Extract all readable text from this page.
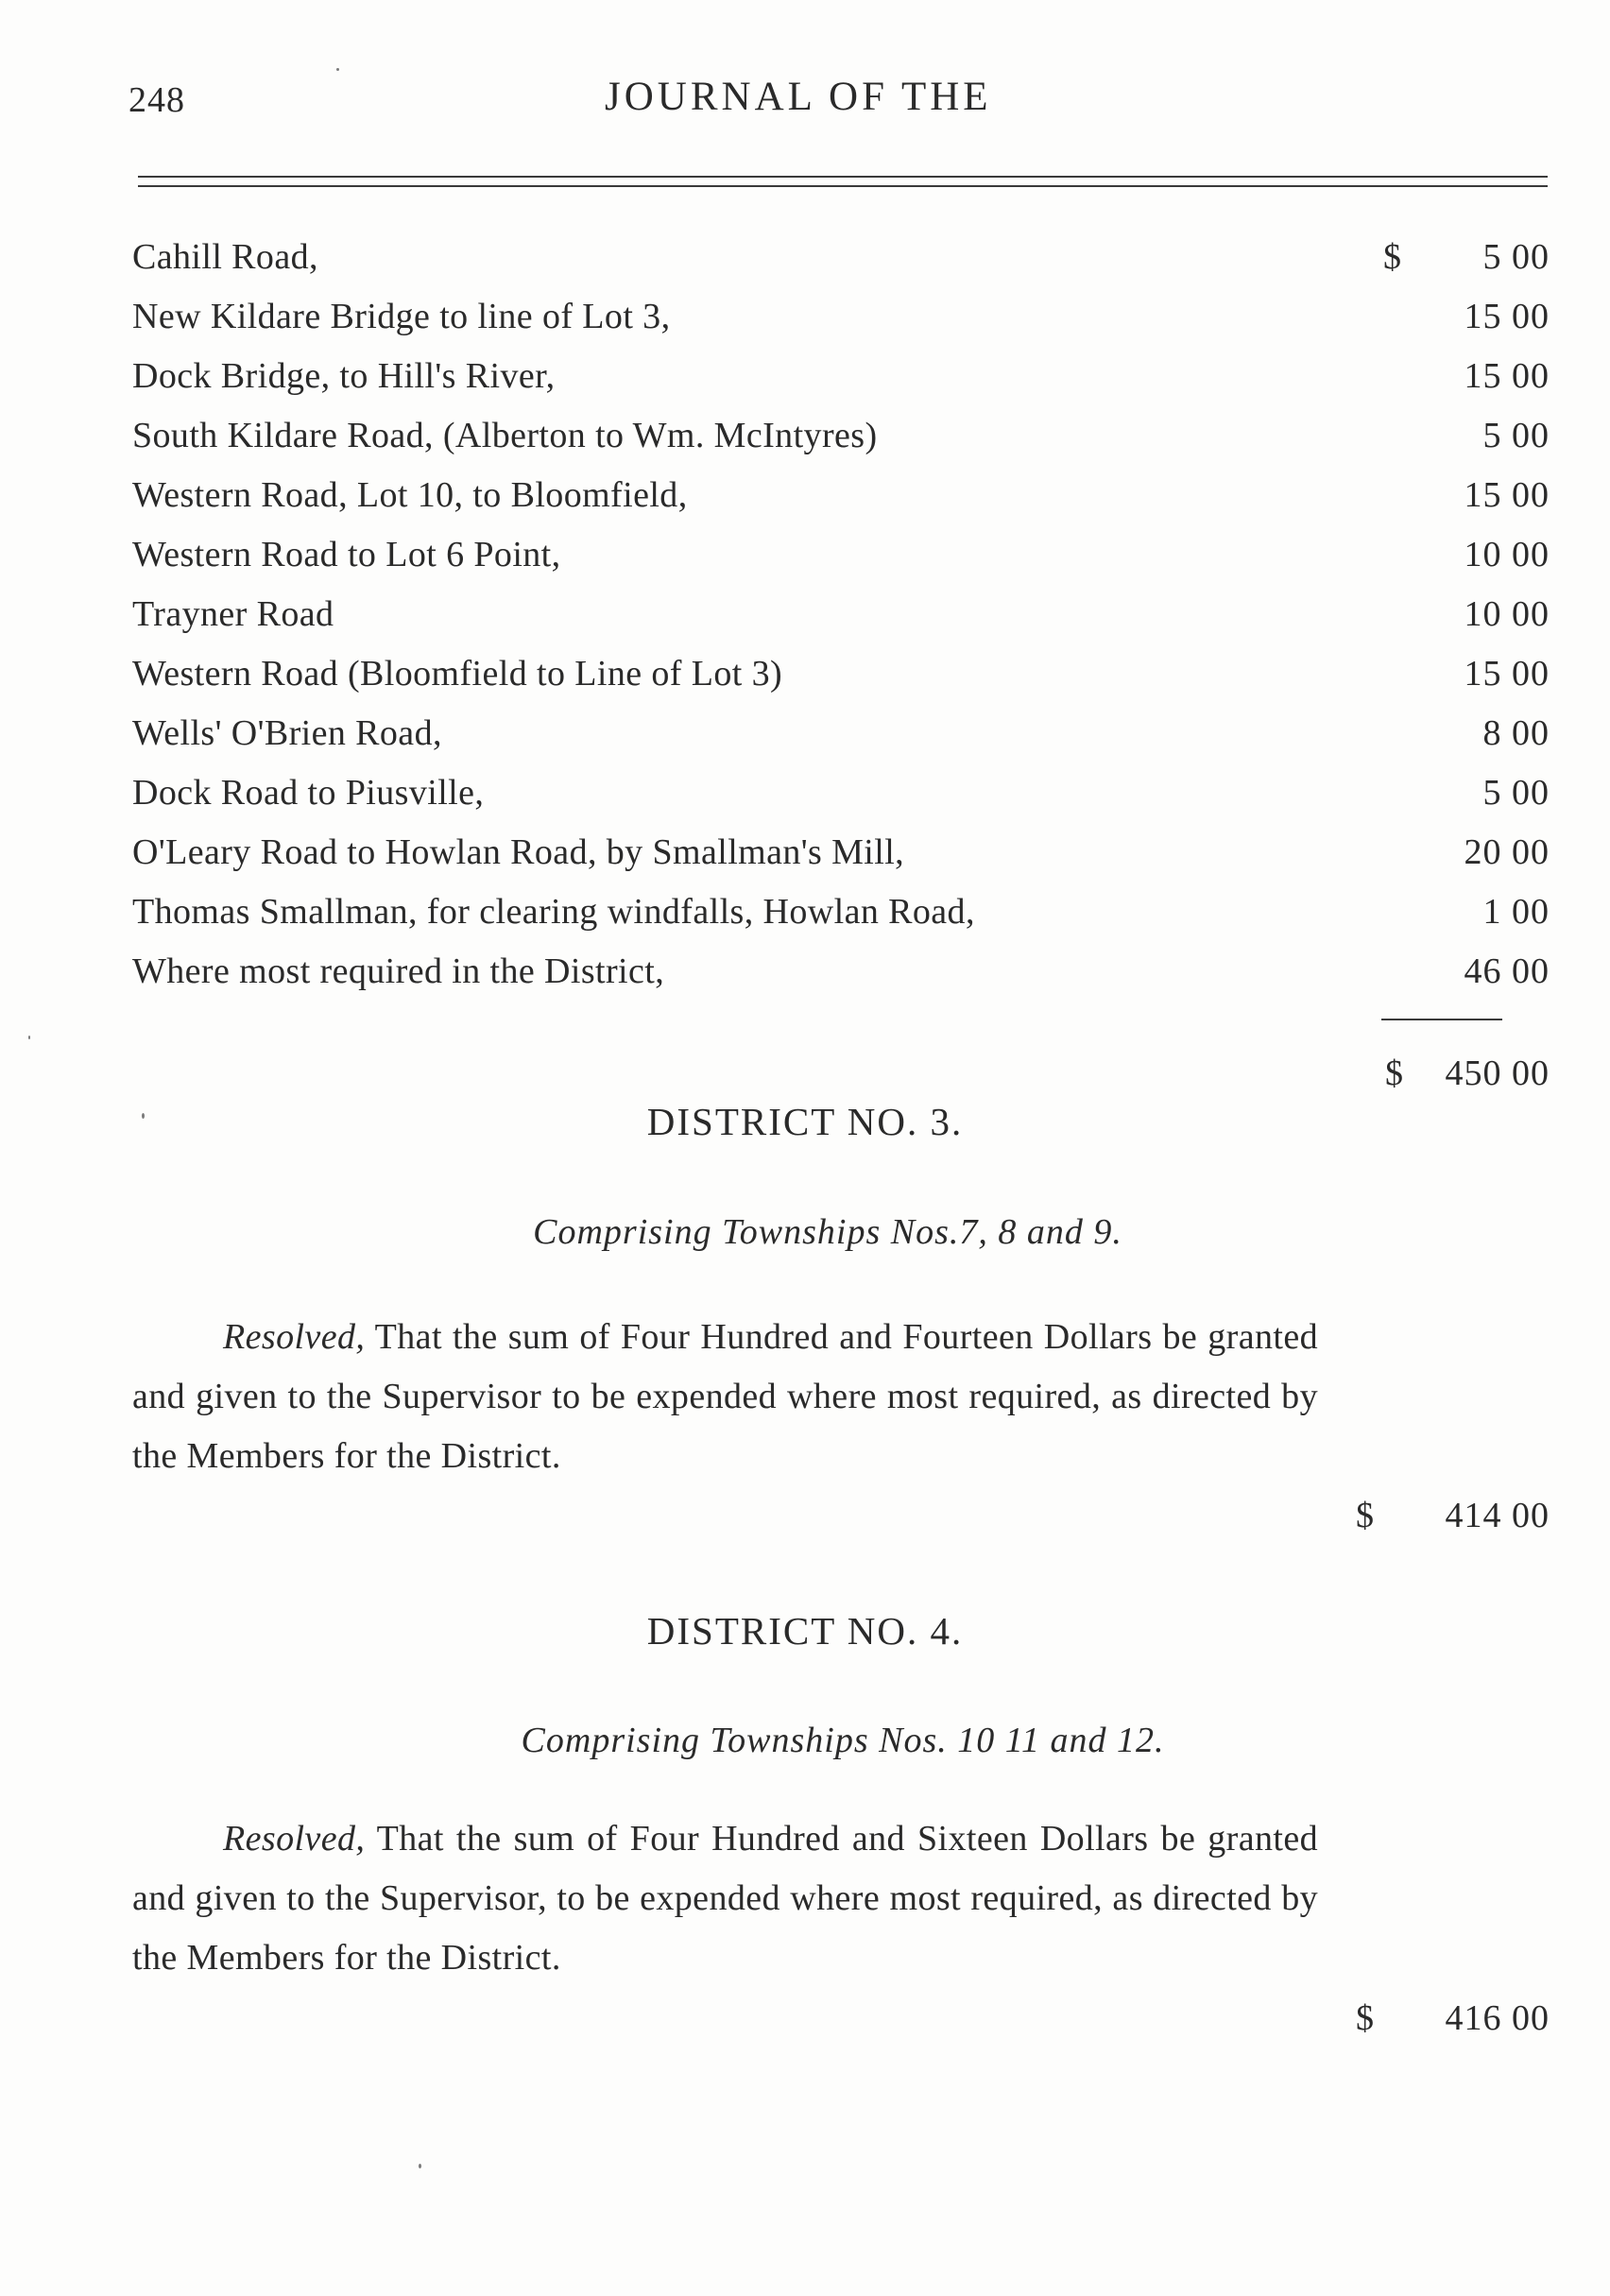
248	JOURNAL OF THE
Cahill Road,	$ 5 00
New Kildare Bridge to line of Lot 3,	15 00
Dock Bridge, to Hill's River,	15 00
South Kildare Road, (Alberton to Wm. McIntyres)	5 00
Western Road, Lot 10, to Bloomfield,	15 00
Western Road to Lot 6 Point,	10 00
Trayner Road	10 00
Western Road (Bloomfield to Line of Lot 3)	15 00
Wells' O'Brien Road,	8 00
Dock Road to Piusville,	5 00
O'Leary Road to Howlan Road, by Smallman's Mill,	20 00
Thomas Smallman, for clearing windfalls, Howlan Road,	1 00
Where most required in the District,	46 00
$ 450 00
DISTRICT NO. 3.
Comprising Townships Nos.7, 8 and 9.
Resolved, That the sum of Four Hundred and Fourteen Dollars be granted and given to the Supervisor to be expended where most required, as directed by the Members for the District.
$ 414 00
DISTRICT NO. 4.
Comprising Townships Nos. 10 11 and 12.
Resolved, That the sum of Four Hundred and Sixteen Dollars be granted and given to the Supervisor, to be expended where most required, as directed by the Members for the District.
$ 416 00
